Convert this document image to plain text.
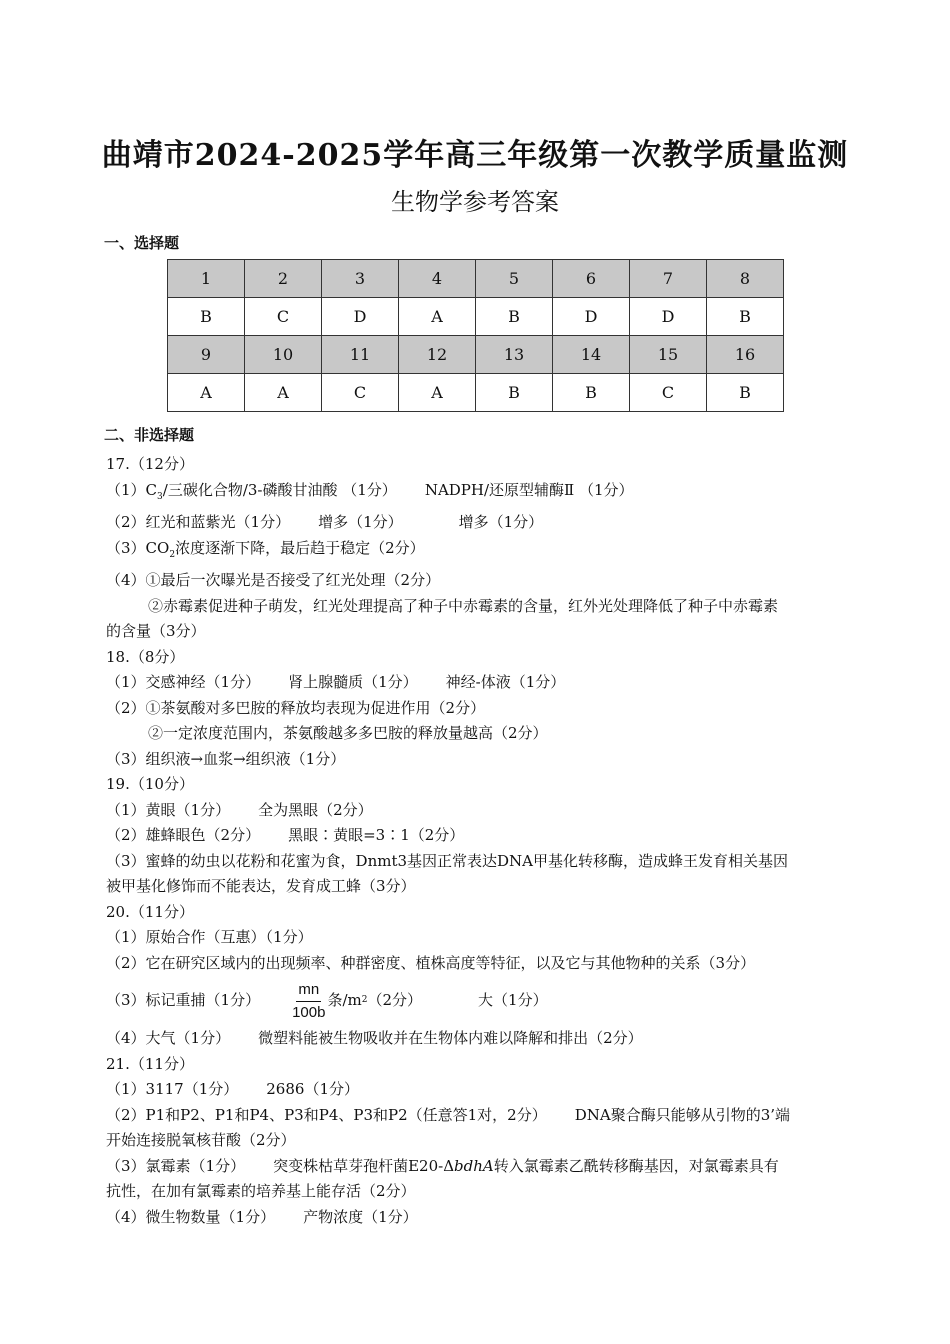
曲靖市2024-2025学年高三年级第一次教学质量监测
生物学参考答案
一、选择题
1	2	3	4	5	6	7	8
B	C	D	A	B	D	D	B
9	10	11	12	13	14	15	16
A	A	C	A	B	B	C	B
二、非选择题
17.（12分）
$(1)C_3/$三碳化合物/3-磷酸甘油酸 （1分） NADPH/还原型辅酶Ⅱ （1分）
（2）红光和蓝紫光（1分） 增多（1分）	增多（1分）
$(3)CO_2$浓度逐渐下降，最后趋于稳定（2分）
（4）①最后一次曝光是否接受了红光处理（2分）
②赤霉素促进种子萌发，红光处理提高了种子中赤霉素的含量，红外光处理降低了种子中赤霉素
的含量（3分）
18.（8分）
（1）交感神经（1分） 肾上腺髓质（1分） 神经-体液（1分）
（2）①茶氨酸对多巴胺的释放均表现为促进作用（2分）
②一定浓度范围内，茶氨酸越多多巴胺的释放量越高（2分）
（3）组织液→血浆→组织液（1分）
19.（10分）
（1）黄眼（1分） 全为黑眼（2分）
（2）雄蜂眼色（2分） 黑眼∶黄眼=3∶1（2分）
（3）蜜蜂的幼虫以花粉和花蜜为食，Dnmt3基因正常表达DNA甲基化转移酶，造成蜂王发育相关基因
被甲基化修饰而不能表达，发育成工蜂（3分）
20.（11分）
（1）原始合作（互惠）（1分）
（2）它在研究区域内的出现频率、种群密度、植株高度等特征，以及它与其他物种的关系（3分）
（3）标记重捕（1分） $\frac{mn}{100b}$ 条/m 2 （2分）	大（1分）
（4）大气（1分） 微塑料能被生物吸收并在生物体内难以降解和排出（2分）
21.（11分）
（1）3117（1分） 2686（1分）
（2）P1和P2、P1和P4、P3和P4、P3和P2（任意答1对，2分） DNA聚合酶只能够从引物的3’端
开始连接脱氧核苷酸（2分）
（3）氯霉素（1分） 突变株枯草芽孢杆菌E20-ΔbdhA转入氯霉素乙酰转移酶基因，对氯霉素具有
抗性，在加有氯霉素的培养基上能存活（2分）
（4）微生物数量（1分） 产物浓度（1分）
